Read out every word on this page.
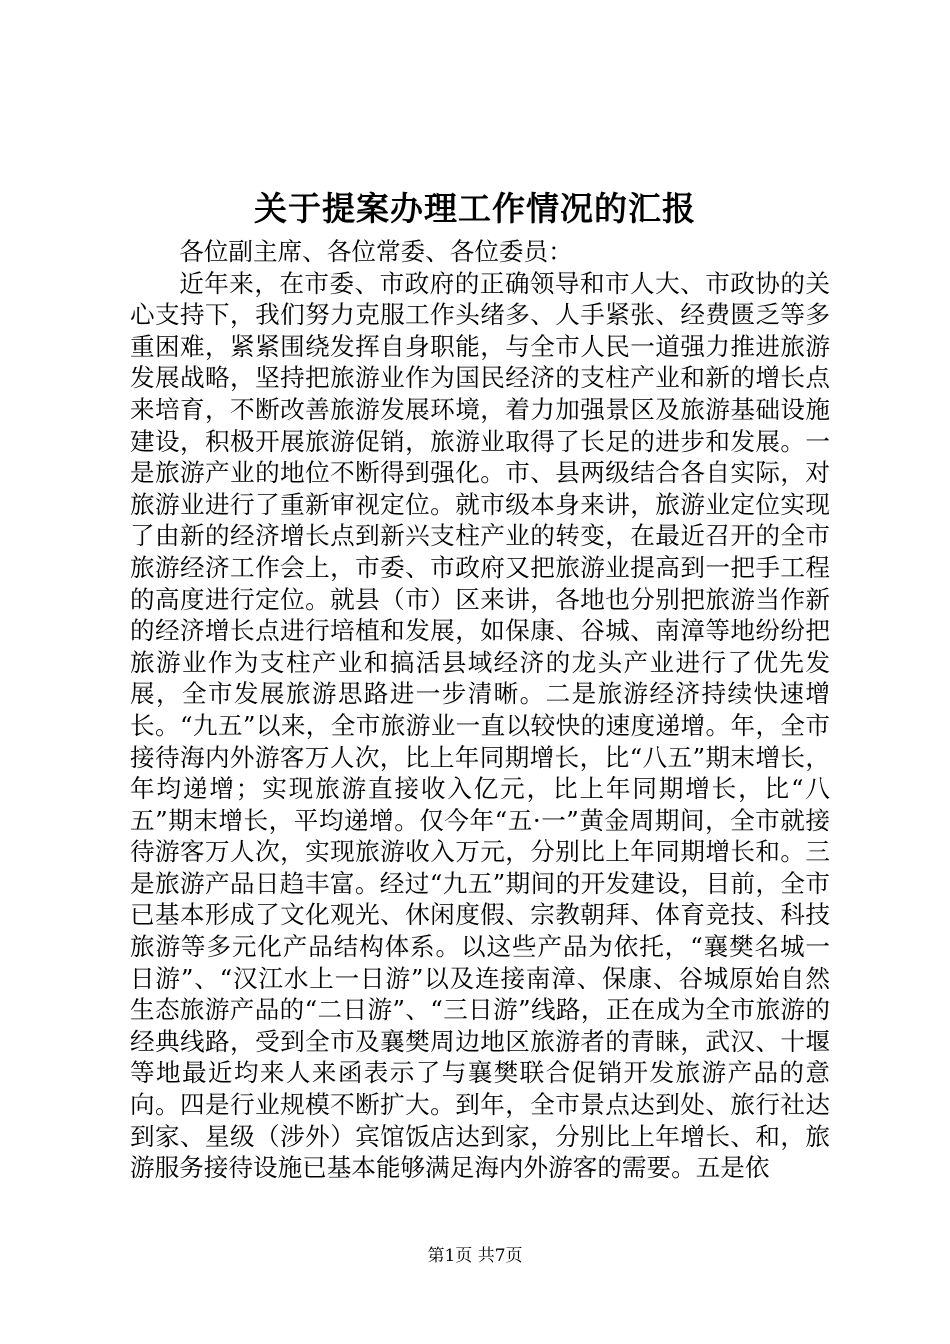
关于提案办理工作情况的汇报

各位副主席、各位常委、各位委员：

近年来，在市委、市政府的正确领导和市人大、市政协的关心支持下，我们努力克服工作头绪多、人手紧张、经费匮乏等多重困难，紧紧围绕发挥自身职能，与全市人民一道强力推进旅游发展战略，坚持把旅游业作为国民经济的支柱产业和新的增长点来培育，不断改善旅游发展环境，着力加强景区及旅游基础设施建设，积极开展旅游促销，旅游业取得了长足的进步和发展。一是旅游产业的地位不断得到强化。市、县两级结合各自实际，对旅游业进行了重新审视定位。就市级本身来讲，旅游业定位实现了由新的经济增长点到新兴支柱产业的转变，在最近召开的全市旅游经济工作会上，市委、市政府又把旅游业提高到一把手工程的高度进行定位。就县（市）区来讲，各地也分别把旅游当作新的经济增长点进行培植和发展，如保康、谷城、南漳等地纷纷把旅游业作为支柱产业和搞活县域经济的龙头产业进行了优先发展，全市发展旅游思路进一步清晰。二是旅游经济持续快速增长。“九五”以来，全市旅游业一直以较快的速度递增。年，全市接待海内外游客万人次，比上年同期增长，比“八五”期末增长，年均递增；实现旅游直接收入亿元，比上年同期增长，比“八五”期末增长，平均递增。仅今年“五·一”黄金周期间，全市就接待游客万人次，实现旅游收入万元，分别比上年同期增长和。三是旅游产品日趋丰富。经过“九五”期间的开发建设，目前，全市已基本形成了文化观光、休闲度假、宗教朝拜、体育竞技、科技旅游等多元化产品结构体系。以这些产品为依托，“襄樊名城一日游”、“汉江水上一日游”以及连接南漳、保康、谷城原始自然生态旅游产品的“二日游”、“三日游”线路，正在成为全市旅游的经典线路，受到全市及襄樊周边地区旅游者的青睐，武汉、十堰等地最近均来人来函表示了与襄樊联合促销开发旅游产品的意向。四是行业规模不断扩大。到年，全市景点达到处、旅行社达到家、星级（涉外）宾馆饭店达到家，分别比上年增长、和，旅游服务接待设施已基本能够满足海内外游客的需要。五是依

第1页 共7页
